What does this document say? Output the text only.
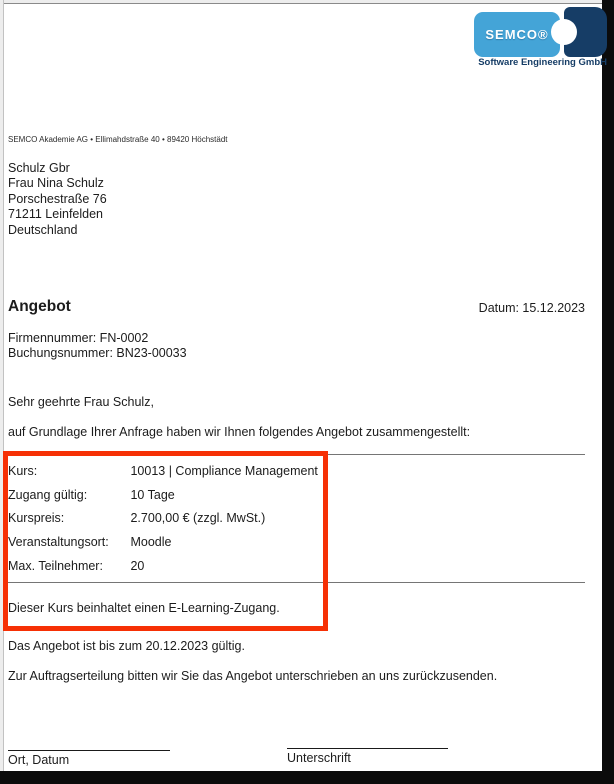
SEMCO®
Software Engineering GmbH
SEMCO Akademie AG • Ellimahdstraße 40 • 89420 Höchstädt
Schulz Gbr
Frau Nina Schulz
Porschestraße 76
71211 Leinfelden
Deutschland
Angebot	Datum: 15.12.2023
Firmennummer: FN-0002
Buchungsnummer: BN23-00033
Sehr geehrte Frau Schulz,
auf Grundlage Ihrer Anfrage haben wir Ihnen folgendes Angebot zusammengestellt:
Kurs:	10013 | Compliance Management
Zugang gültig:	10 Tage
Kurspreis:	2.700,00 € (zzgl. MwSt.)
Veranstaltungsort: Moodle
Max. Teilnehmer: 20
Dieser Kurs beinhaltet einen E-Learning-Zugang.
Das Angebot ist bis zum 20.12.2023 gültig.
Zur Auftragserteilung bitten wir Sie das Angebot unterschrieben an uns zurückzusenden.
Ort, Datum	Unterschrift
